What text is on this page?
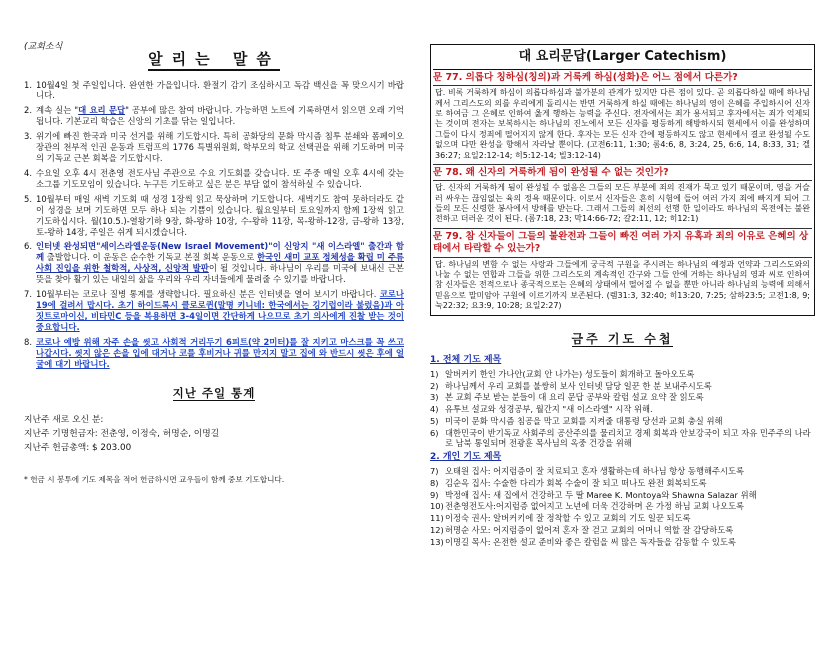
(교회소식
알리는 말씀
1. 10월4일 첫 주일입니다. 완연한 가을입니다. 환절기 감기 조심하시고 독감 백신을 꼭 맞으시기 바랍니다.
2. 계속 실는 "대 요리 문답" 공부에 많은 참여 바랍니다. 가능하면 노트에 기록하면서 읽으면 오래 기억됩니다. 기본교리 학습은 신앙의 기초를 닦는 일입니다.
3. 위기에 빠진 한국과 미국 선거를 위해 기도합시다. 특히 공화당의 문화 막시즘 침투 분쇄와 폼페이오 장관의 천부적 인권 운동과 트럼프의 1776 특별위원회, 학부모의 학교 선택권을 위해 기도하며 미국의 기독교 근본 회복을 기도합시다.
4. 수요일 오후 4시 전춘영 전도사님 주관으로 수요 기도회를 갖습니다. 또 주중 매일 오후 4시에 갖는 소그룹 기도모임이 있습니다. 누구든 기도하고 싶은 분은 부담 없이 참석하실 수 있습니다.
5. 10월부터 매일 새벽 기도회 때 성경 1장씩 읽고 묵상하며 기도합니다. 새벽기도 참여 못하더라도 같이 성경을 보며 기도하면 모두 하나 되는 기쁨이 있습니다. 월요일부터 토요일까지 함께 1장씩 읽고 기도하십시다. 월(10.5.)-열왕기하 9장, 화-왕하 10장, 수-왕하 11장, 목-왕하-12장, 금-왕하 13장, 토-왕하 14장, 주일은 쉬게 되시겠습니다.
6. 인터넷 완성되면"세이스라엘운동(New Israel Movement)"이 신앙지 "새 이스라엘" 출간과 함께 출발합니다. 이 운동은 순수한 기독교 본질 회복 운동으로 한국인 새미 교포 정체성을 확립 미 주류 사회 진입을 위한 철학적, 사상적, 신앙적 발판이 될 것입니다. 하나님이 우리를 미국에 보내신 근본 뜻을 찾아 활기 있는 내일의 삶을 우리와 우리 자녀들에게 물려줄 수 있기를 바랍니다.
7. 10월부터는 코로나 질병 통계를 생략합니다. 필요하신 분은 인터넷을 열어 보시기 바랍니다. 코로나19에 걸려서 맙시다. 초기 하이드록시 클로로퀸(말명 키니네: 한국에서는 깅기럽이라 불렀음)과 아짓트로마이신, 비타민C 등을 복용하면 3-4일이면 간단하게 나으므로 초기 의사에게 진찰 받는 것이 중요합니다.
8. 코로나 예방 위해 자주 손을 씻고 사회적 거리두기 6피트(약 2미터)를 잘 지키고 마스크를 꼭 쓰고 나갑시다. 씻지 않은 손을 입에 대거나 코를 후비거나 귀를 만지지 말고 집에 와 반드시 씻은 후에 얼굴에 대기 바랍니다.
지난 주일 통계
지난주 새로 오신 분:
지난주 기명헌금자: 전춘영, 이정숙, 허명순, 이명길
지난주 헌금총액: $ 203.00
* 헌금 시 봉투에 기도 제목을 적어 헌금하시면 교우들이 함께 중보 기도합니다.
대 요리문답(Larger Catechism)
문 77. 의롭다 칭하심(칭의)과 거룩케 하심(성화)은 어느 점에서 다른가?
답. 비록 거룩하게 하심이 의롭다하심과 불가분의 관계가 있지만 다른 점이 있다. 곧 의롭다하실 때에 하나님께서 그리스도의 의를 우리에게 돌리시는 반면 거룩하게 하실 때에는 하나님의 영이 은혜를 주입하시어 신자로 하여금 그 은혜로 인하여 옳게 행하는 능력을 주신다. 전자에서는 죄가 용서되고 후자에서는 죄가 억제되는 것이며 전자는 보복하시는 하나님의 진노에서 모든 신자를 평등하게 해방하시되 현세에서 이를 완성하며 그들이 다시 정죄에 떨어지지 않게 한다. 후자는 모든 신자 간에 평등하지도 않고 현세에서 결코 완성될 수도 없으며 다만 완성을 향해서 자라날 뿐이다. (고전6:11, 1:30; 롬4:6, 8, 3:24, 25, 6:6, 14, 8:33, 31; 겔36:27; 요일2:12-14; 히5:12-14; 빌3:12-14)
문 78. 왜 신자의 거룩하게 됨이 완성될 수 없는 것인가?
답. 신자의 거룩하게 됨이 완성될 수 없음은 그들의 모든 부분에 죄의 진재가 묵고 있기 때문이며, 영을 거슬러 싸우는 끊임없는 육의 정욕 때문이다. 이로서 신자들은 흔히 시험에 들어 여러 가지 죄에 빠지게 되어 그들의 모든 신령한 봉사에서 방해를 받는다. 그래서 그들의 최선의 선행 한 일이라도 하나님의 목전에는 불완전하고 더러운 것이 된다. (롬7:18, 23; 막14:66-72; 갈2:11, 12; 히12:1)
문 79. 참 신자들이 그들의 불완전과 그들이 빠진 여러 가지 유혹과 죄의 이유로 은혜의 상태에서 타락할 수 있는가?
답. 하나님의 변함 수 없는 사랑과 그들에게 궁극적 구원을 주시려는 하나님의 예정과 언약과 그리스도와의 나눌 수 없는 연합과 그들을 위한 그리스도의 계속적인 간구와 그들 안에 거하는 하나님의 영과 씨로 인하여 참 신자들은 전적으로나 종국적으로는 은혜의 상태에서 떨어질 수 없을 뿐만 아니라 하나님의 능력에 의해서 믿음으로 말미암아 구원에 이르기까지 보존된다. (렘31:3, 32:40; 히13:20, 7:25; 삼하23:5; 고전1:8, 9; 눅22:32; 요3:9, 10:28; 요일2:27)
금주 기도 수첩
1. 전체 기도 제목
1) 알버커키 한인 가나안(교회 안 나가는) 성도들이 회개하고 돌아오도록
2) 하나님께서 우리 교회를 불쌍히 보사 인터넷 담당 일꾼 한 분 보내주시도록
3) 본 교회 주보 받는 분들이 대 요리 문답 공부와 칼럼 설교 요약 잘 읽도록
4) 유투브 설교와 성경공부, 월간지 "새 이스라엘" 시작 위해.
5) 미국이 문화 막시즘 침공을 막고 교회를 지켜줄 대통령 당선과 교회 충실 위해
6) 대한민국이 반기독교 사회주의 공산주의를 물리치고 경제 회복과 안보강국이 되고 자유 민주주의 나라로 남북 통일되며 전광훈 목사님의 옥중 건강을 위해
2. 개인 기도 제목
7) 오태원 집사: 어지럼증이 잘 치료되고 혼자 생활하는데 하나님 항상 동행해주시도록
8) 김순옥 집사: 수술한 다리가 회복 수술이 잘 되고 떠나도 완전 회복되도록
9) 박정애 집사: 새 집에서 건강하고 두 딸 Maree K. Montoya와 Shawna Salazar 위해
10) 전춘영전도사:어지럼증 없어지고 노년에 더욱 건강하며 온 가정 하님 교회 나오도록
11) 이정숙 권사: 알버커키에 잘 정착할 수 있고 교회의 기도 일꾼 되도록
12) 허명순 사모: 어지럼증이 없어져 혼자 잘 걷고 교회의 어머니 역할 잘 감당하도록
13) 이명길 목사: 온전한 설교 준비와 좋은 칼럼을 써 많은 독자들을 감동할 수 있도록
